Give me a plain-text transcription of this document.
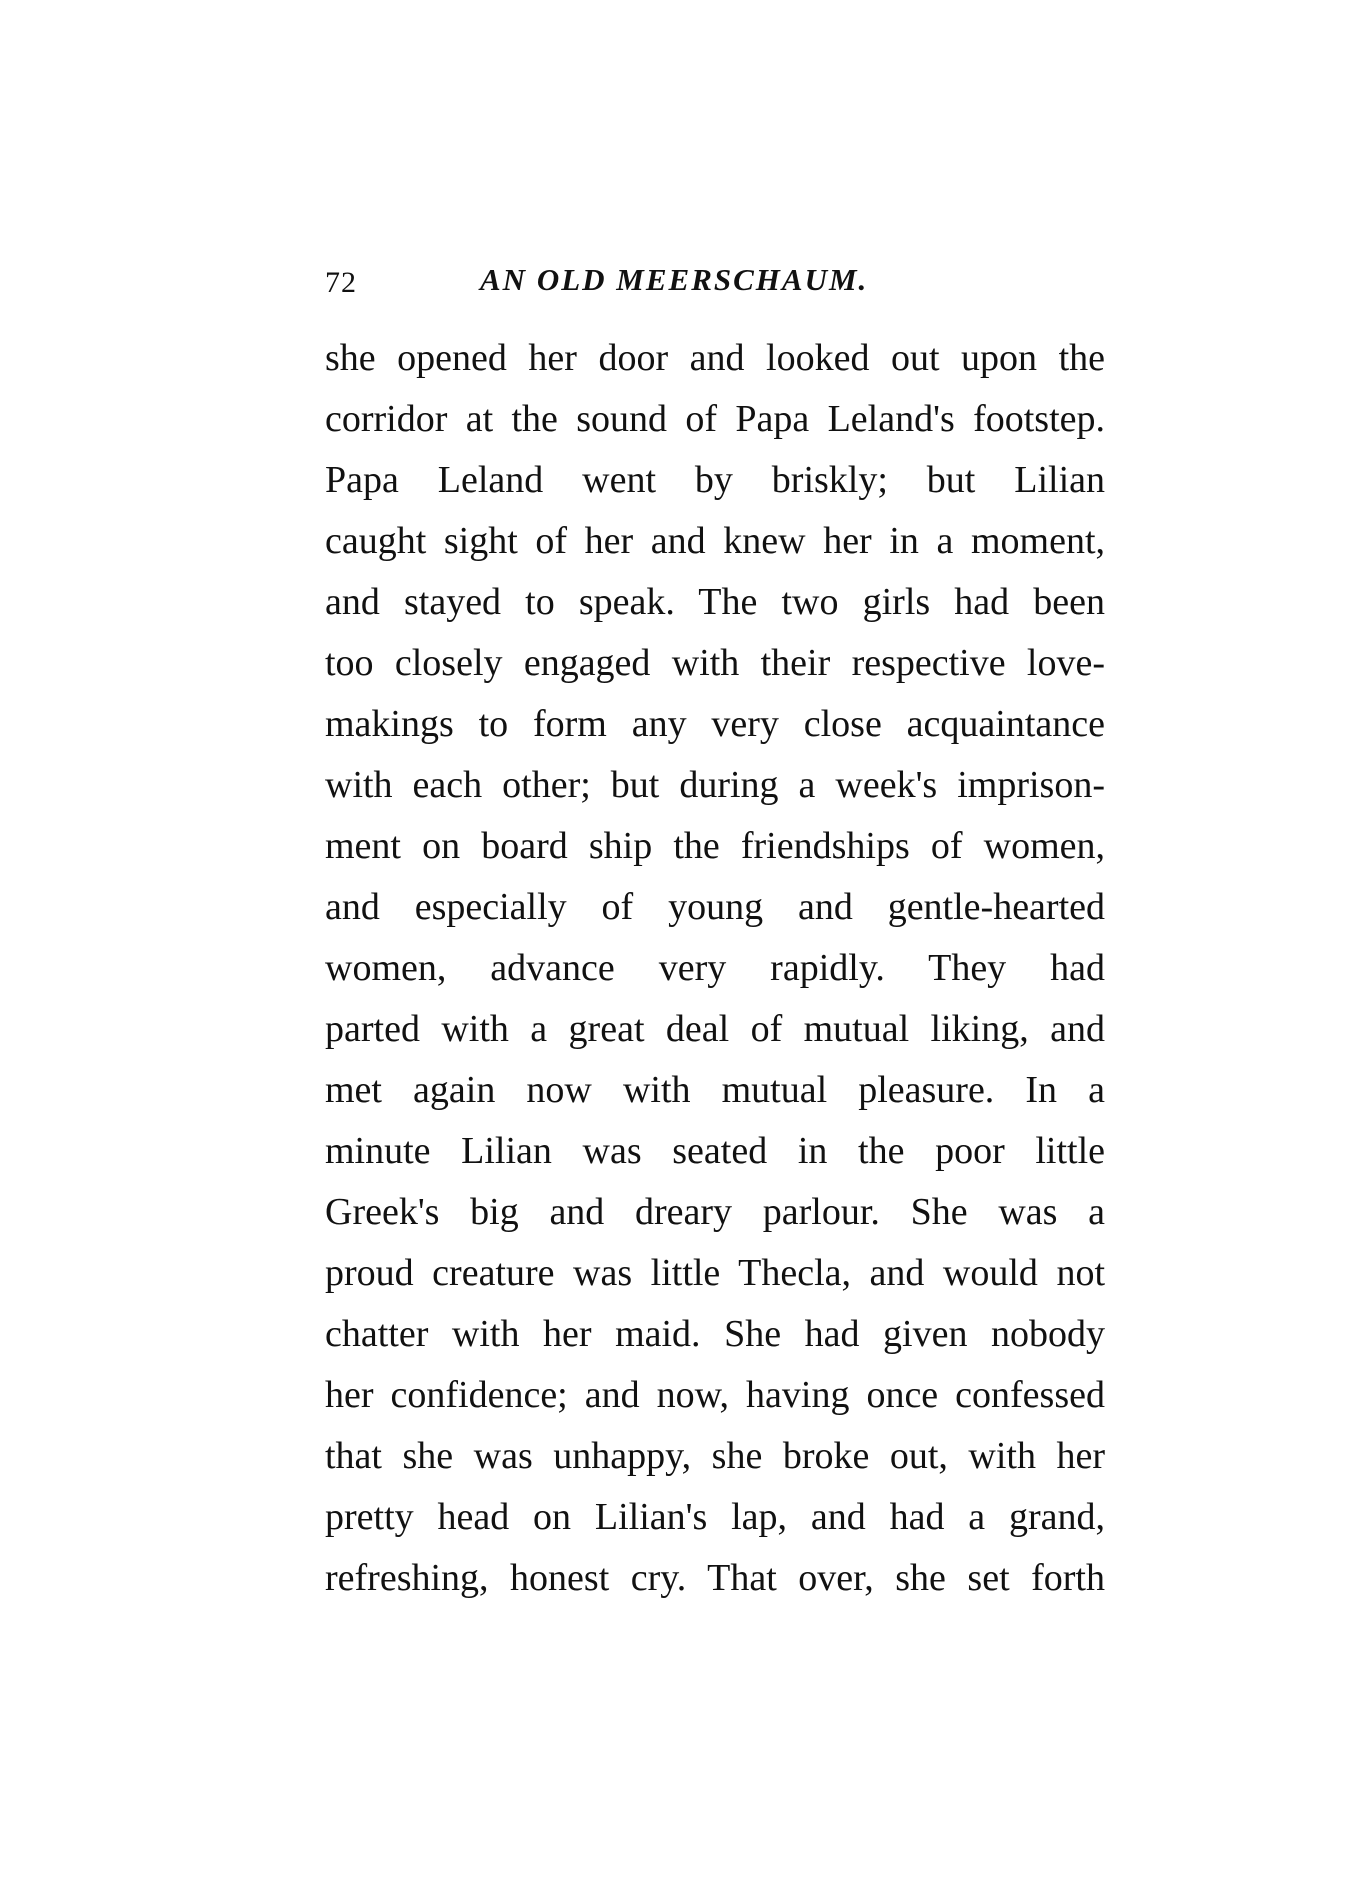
72	AN OLD MEERSCHAUM.
she opened her door and looked out upon the
corridor at the sound of Papa Leland's footstep.
Papa Leland went by briskly; but Lilian
caught sight of her and knew her in a moment,
and stayed to speak. The two girls had been
too closely engaged with their respective love-
makings to form any very close acquaintance
with each other; but during a week's imprison-
ment on board ship the friendships of women,
and especially of young and gentle-hearted
women, advance very rapidly. They had
parted with a great deal of mutual liking, and
met again now with mutual pleasure. In a
minute Lilian was seated in the poor little
Greek's big and dreary parlour. She was a
proud creature was little Thecla, and would not
chatter with her maid. She had given nobody
her confidence; and now, having once confessed
that she was unhappy, she broke out, with her
pretty head on Lilian's lap, and had a grand,
refreshing, honest cry. That over, she set forth
